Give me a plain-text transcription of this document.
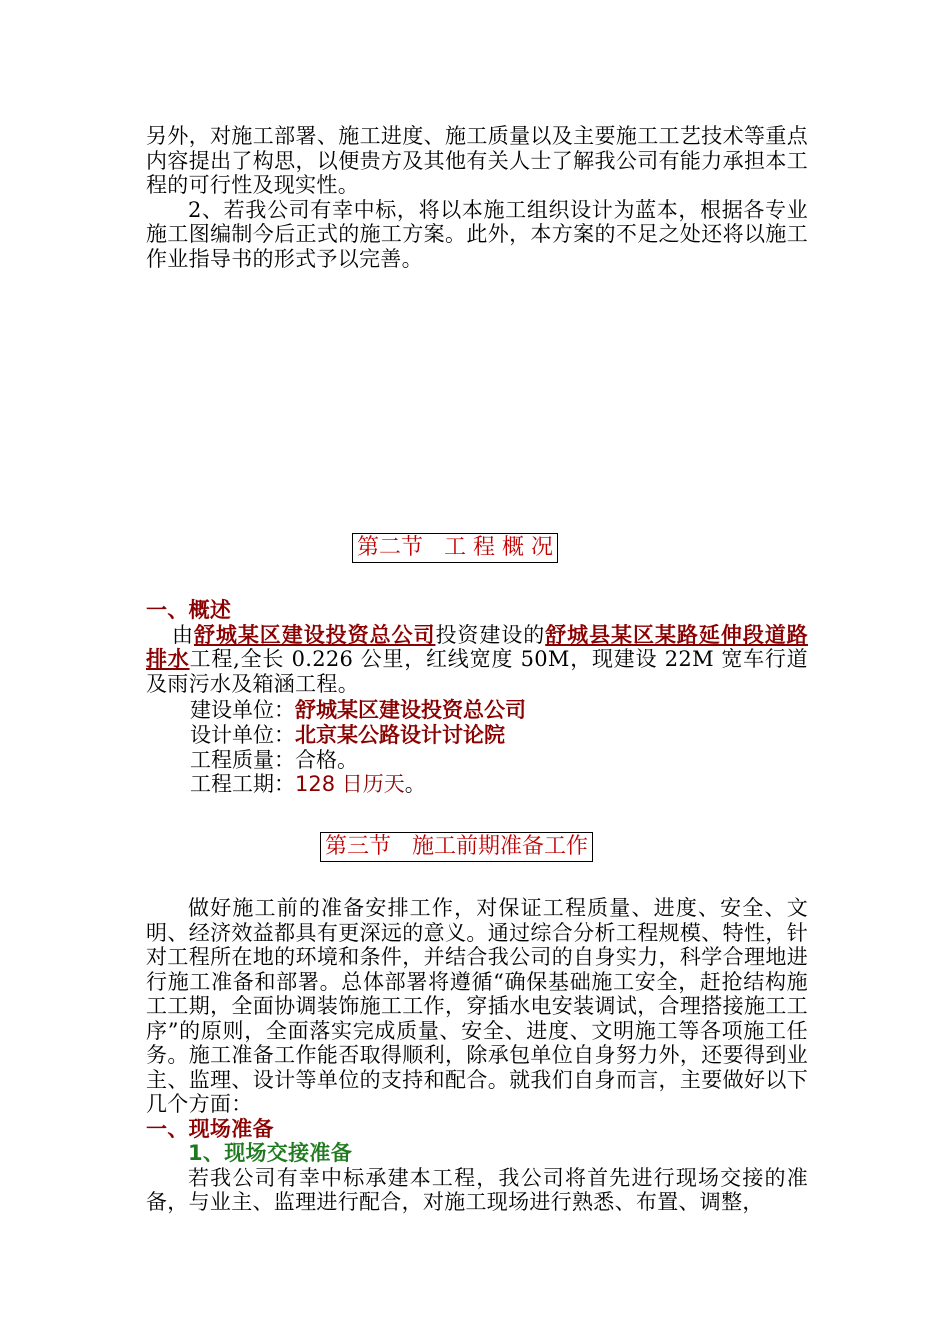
另外，对施工部署、施工进度、施工质量以及主要施工工艺技术等重点内容提出了构思，以便贵方及其他有关人士了解我公司有能力承担本工程的可行性及现实性。

2、若我公司有幸中标，将以本施工组织设计为蓝本，根据各专业施工图编制今后正式的施工方案。此外，本方案的不足之处还将以施工作业指导书的形式予以完善。

第二节   工 程 概 况

一、概述

由舒城某区建设投资总公司投资建设的舒城县某区某路延伸段道路排水工程,全长 0.226 公里，红线宽度 50M，现建设 22M 宽车行道及雨污水及箱涵工程。

建设单位：舒城某区建设投资总公司
设计单位：北京某公路设计讨论院
工程质量：合格。
工程工期：128 日历天。
第三节   施工前期准备工作

做好施工前的准备安排工作，对保证工程质量、进度、安全、文明、经济效益都具有更深远的意义。通过综合分析工程规模、特性，针对工程所在地的环境和条件，并结合我公司的自身实力，科学合理地进行施工准备和部署。总体部署将遵循“确保基础施工安全，赶抢结构施工工期，全面协调装饰施工工作，穿插水电安装调试，合理搭接施工工序”的原则，全面落实完成质量、安全、进度、文明施工等各项施工任务。施工准备工作能否取得顺利，除承包单位自身努力外，还要得到业主、监理、设计等单位的支持和配合。就我们自身而言，主要做好以下几个方面：

一、现场准备

1、现场交接准备

若我公司有幸中标承建本工程，我公司将首先进行现场交接的准备，与业主、监理进行配合，对施工现场进行熟悉、布置、调整，
